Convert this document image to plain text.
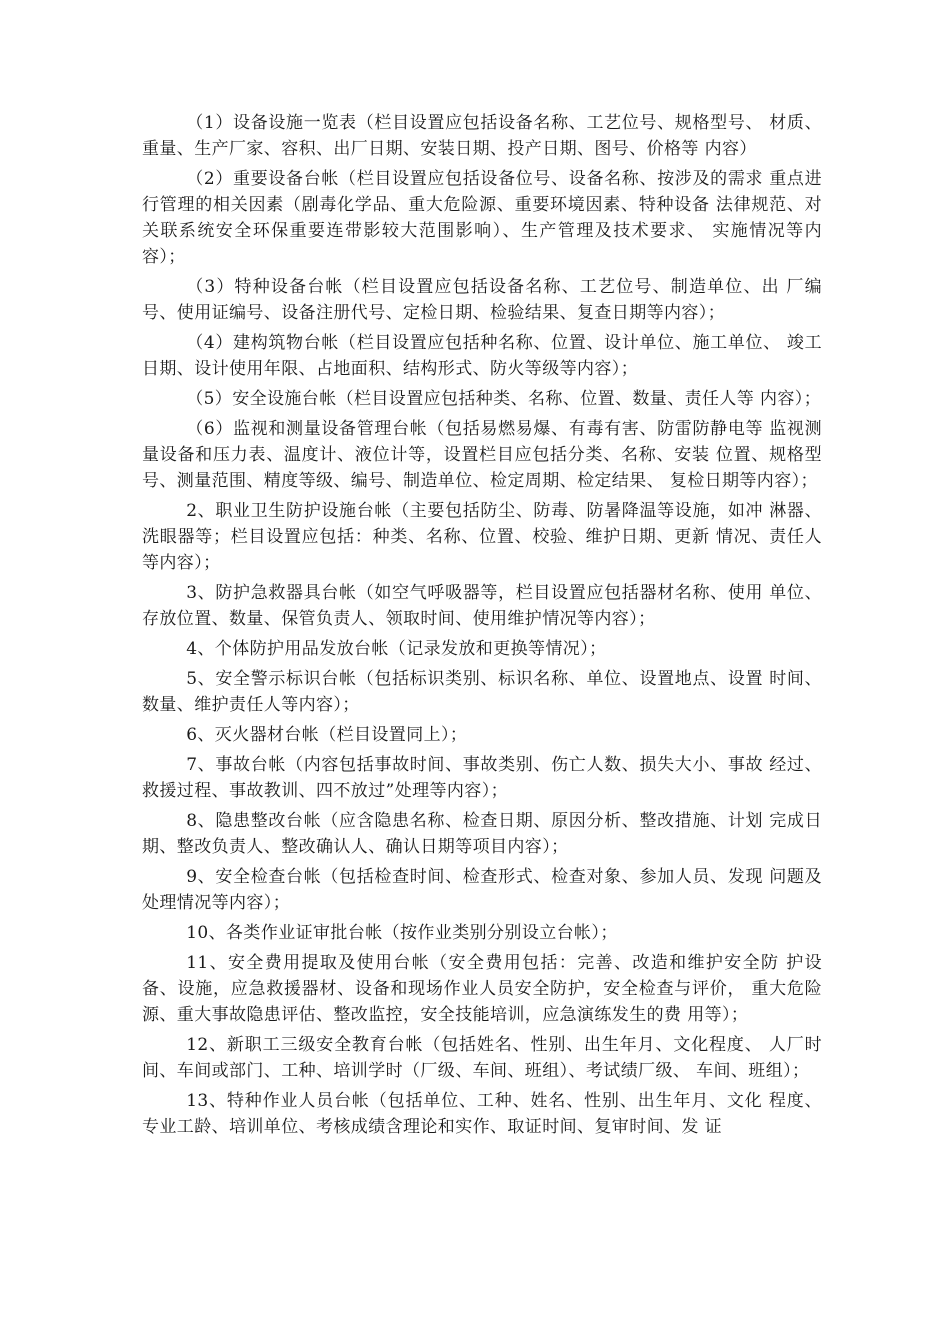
（1）设备设施一览表（栏目设置应包括设备名称、工艺位号、规格型号、 材质、重量、生产厂家、容积、出厂日期、安装日期、投产日期、图号、价格等 内容）

（2）重要设备台帐（栏目设置应包括设备位号、设备名称、按涉及的需求 重点进行管理的相关因素（剧毒化学品、重大危险源、重要环境因素、特种设备 法律规范、对关联系统安全环保重要连带影较大范围影响）、生产管理及技术要求、 实施情况等内容）；

（3）特种设备台帐（栏目设置应包括设备名称、工艺位号、制造单位、出 厂编号、使用证编号、设备注册代号、定检日期、检验结果、复查日期等内容）；

（4）建构筑物台帐（栏目设置应包括种名称、位置、设计单位、施工单位、 竣工日期、设计使用年限、占地面积、结构形式、防火等级等内容）；

（5）安全设施台帐（栏目设置应包括种类、名称、位置、数量、责任人等 内容）；

（6）监视和测量设备管理台帐（包括易燃易爆、有毒有害、防雷防静电等 监视测量设备和压力表、温度计、液位计等，设置栏目应包括分类、名称、安装 位置、规格型号、测量范围、精度等级、编号、制造单位、检定周期、检定结果、 复检日期等内容）；

2、职业卫生防护设施台帐（主要包括防尘、防毒、防暑降温等设施，如冲 淋器、洗眼器等；栏目设置应包括：种类、名称、位置、校验、维护日期、更新 情况、责任人等内容）；

3、防护急救器具台帐（如空气呼吸器等，栏目设置应包括器材名称、使用 单位、存放位置、数量、保管负责人、领取时间、使用维护情况等内容）；

4、个体防护用品发放台帐（记录发放和更换等情况）；

5、安全警示标识台帐（包括标识类别、标识名称、单位、设置地点、设置 时间、数量、维护责任人等内容）；

6、灭火器材台帐（栏目设置同上）；

7、事故台帐（内容包括事故时间、事故类别、伤亡人数、损失大小、事故 经过、救援过程、事故教训、四不放过”处理等内容）；

8、隐患整改台帐（应含隐患名称、检查日期、原因分析、整改措施、计划 完成日期、整改负责人、整改确认人、确认日期等项目内容）；

9、安全检查台帐（包括检查时间、检查形式、检查对象、参加人员、发现 问题及处理情况等内容）；

10、各类作业证审批台帐（按作业类别分别设立台帐）；

11、安全费用提取及使用台帐（安全费用包括：完善、改造和维护安全防 护设备、设施，应急救援器材、设备和现场作业人员安全防护，安全检查与评价， 重大危险源、重大事故隐患评估、整改监控，安全技能培训，应急演练发生的费 用等）；

12、新职工三级安全教育台帐（包括姓名、性别、出生年月、文化程度、 人厂时间、车间或部门、工种、培训学时（厂级、车间、班组）、考试绩厂级、 车间、班组）；

13、特种作业人员台帐（包括单位、工种、姓名、性别、出生年月、文化 程度、专业工龄、培训单位、考核成绩含理论和实作、取证时间、复审时间、发 证
